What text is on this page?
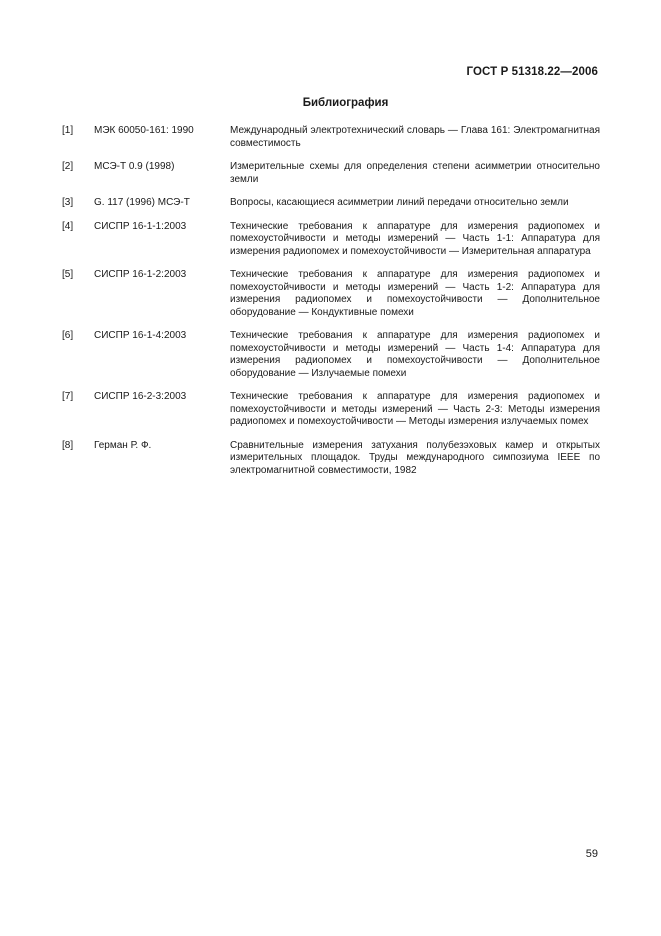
ГОСТ Р 51318.22—2006
Библиография
[1]	МЭК 60050-161: 1990	Международный электротехнический словарь — Глава 161: Электромагнитная совместимость
[2]	МСЭ-Т 0.9 (1998)	Измерительные схемы для определения степени асимметрии относительно земли
[3]	G. 117 (1996) МСЭ-Т	Вопросы, касающиеся асимметрии линий передачи относительно земли
[4]	СИСПР 16-1-1:2003	Технические требования к аппаратуре для измерения радиопомех и помехоустойчивости и методы измерений — Часть 1-1: Аппаратура для измерения радиопомех и помехоустойчивости — Измерительная аппаратура
[5]	СИСПР 16-1-2:2003	Технические требования к аппаратуре для измерения радиопомех и помехоустойчивости и методы измерений — Часть 1-2: Аппаратура для измерения радиопомех и помехоустойчивости — Дополнительное оборудование — Кондуктивные помехи
[6]	СИСПР 16-1-4:2003	Технические требования к аппаратуре для измерения радиопомех и помехоустойчивости и методы измерений — Часть 1-4: Аппаратура для измерения радиопомех и помехоустойчивости — Дополнительное оборудование — Излучаемые помехи
[7]	СИСПР 16-2-3:2003	Технические требования к аппаратуре для измерения радиопомех и помехоустойчивости и методы измерений — Часть 2-3: Методы измерения радиопомех и помехоустойчивости — Методы измерения излучаемых помех
[8]	Герман Р. Ф.	Сравнительные измерения затухания полубезэховых камер и открытых измерительных площадок. Труды международного симпозиума IEEE по электромагнитной совместимости, 1982
59
